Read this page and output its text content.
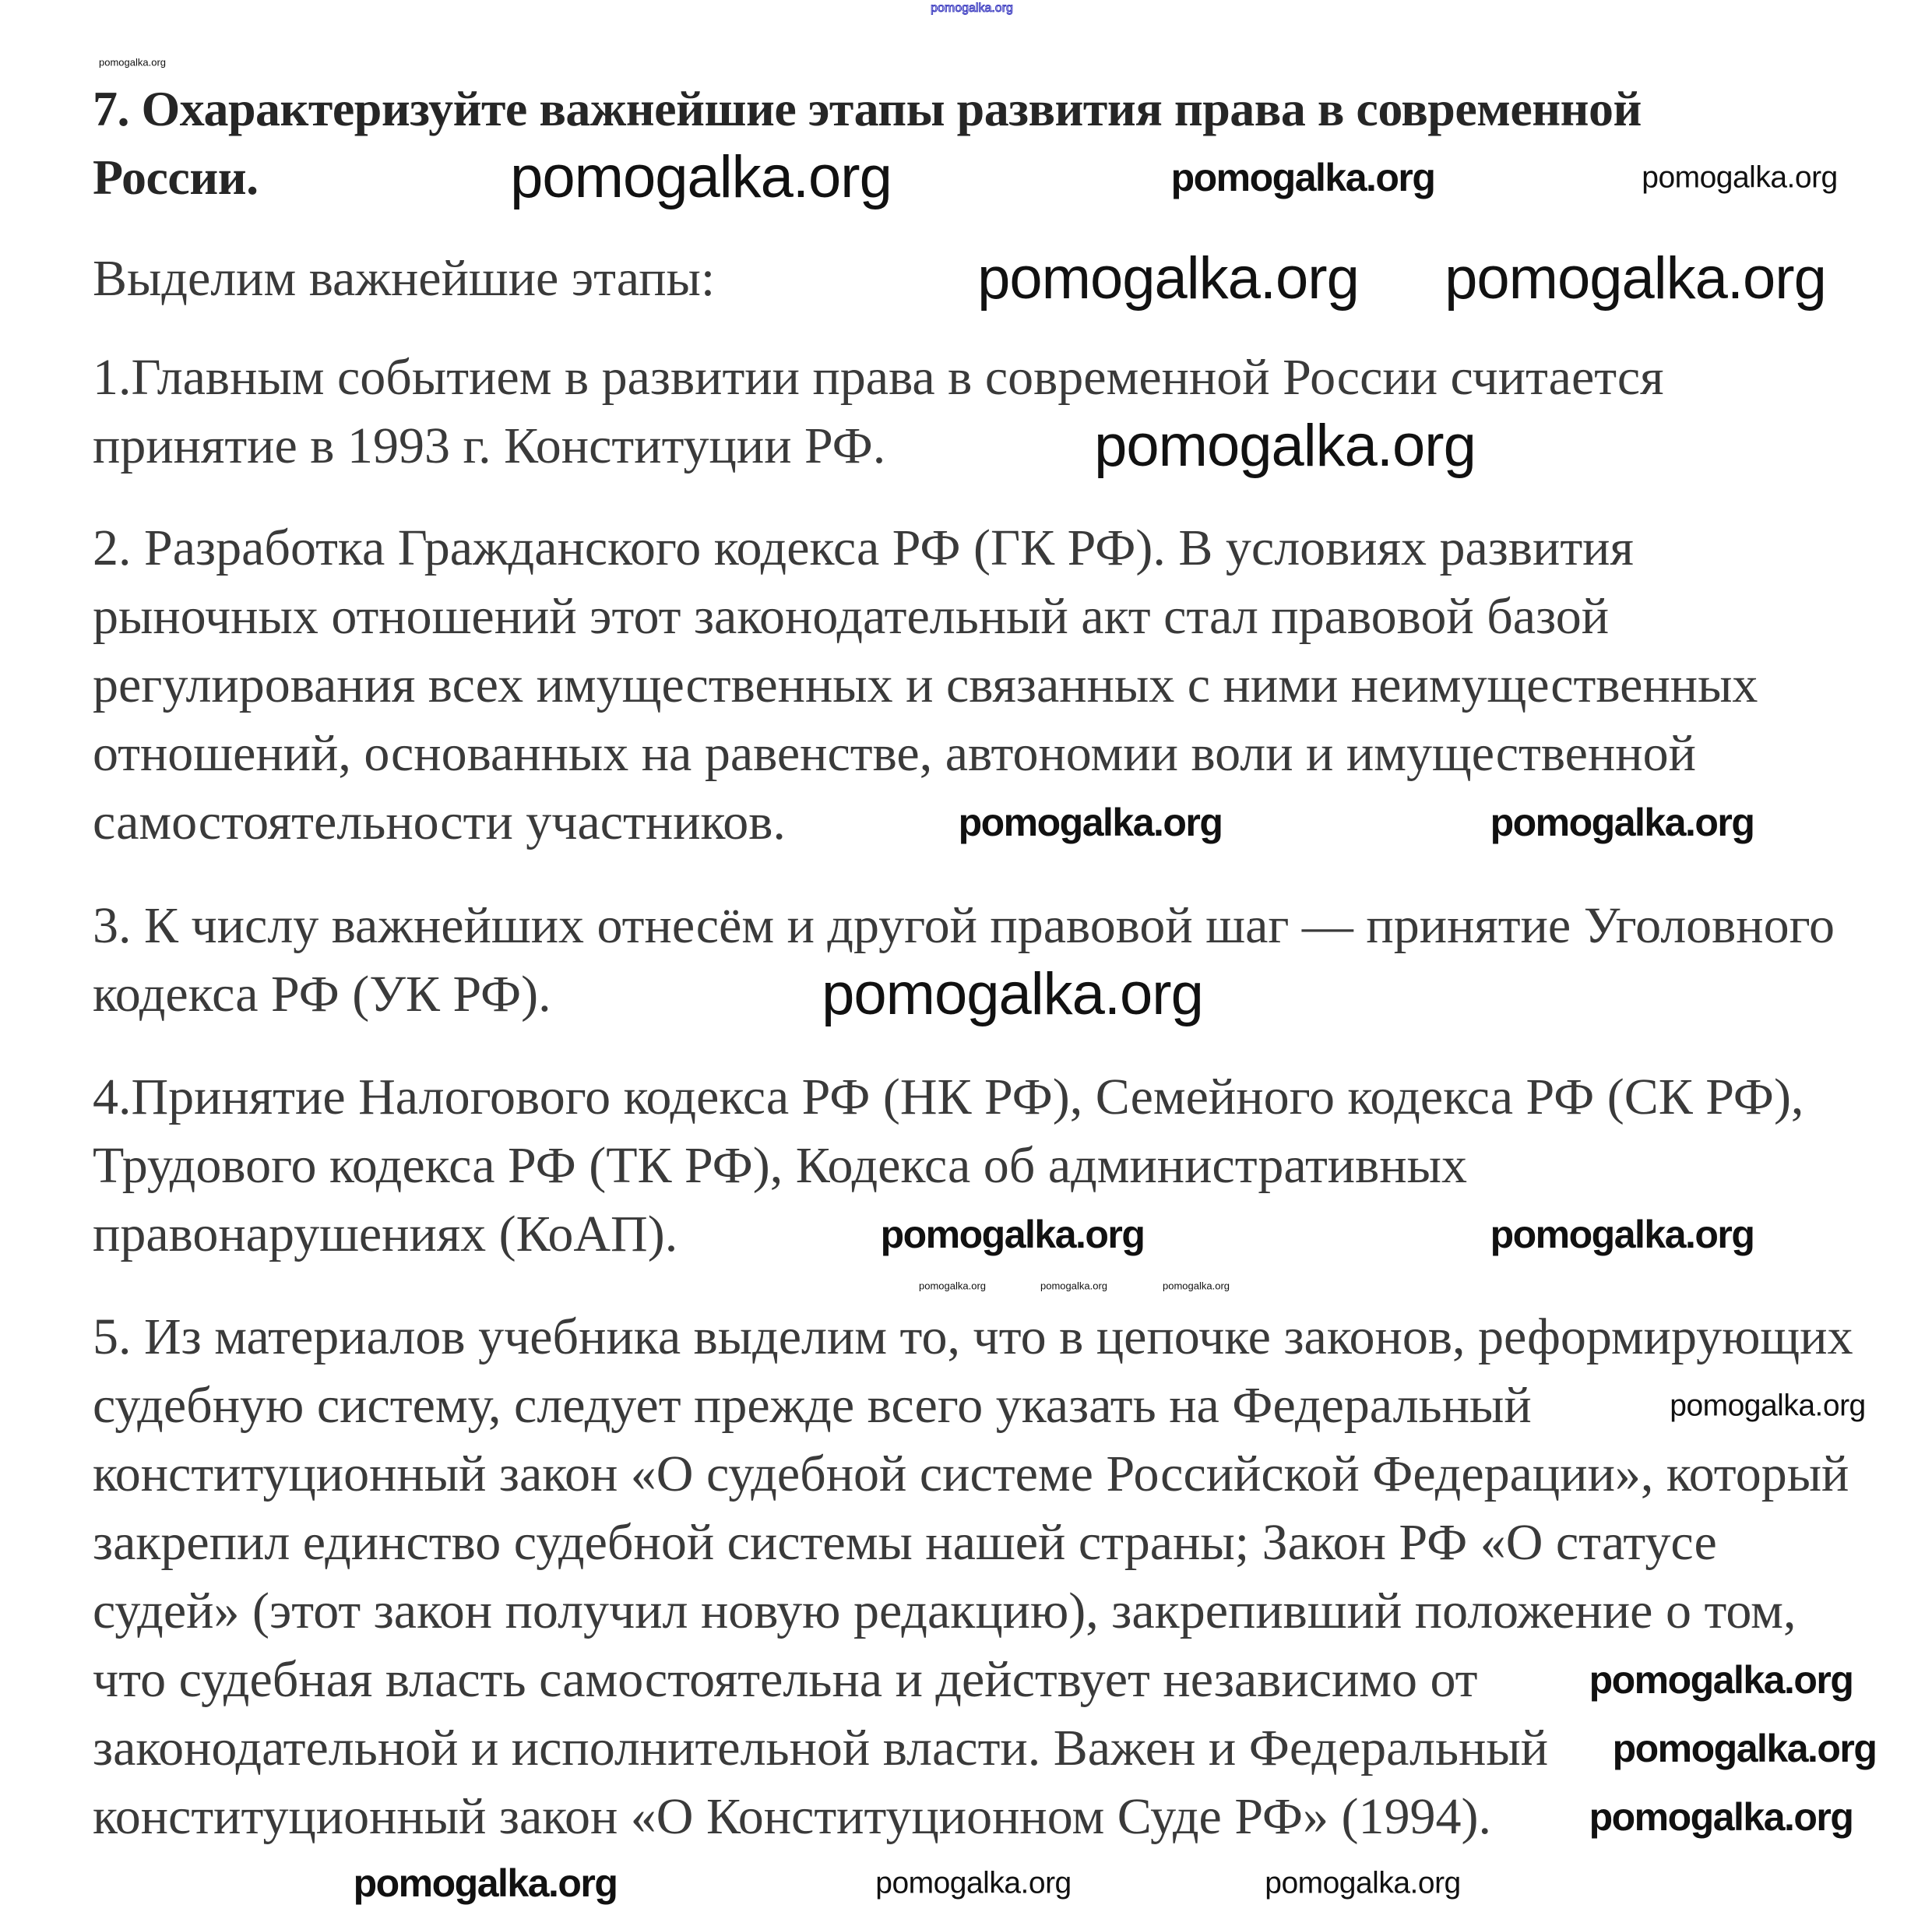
7. Охарактеризуйте важнейшие этапы развития права в современной
России.

Выделим важнейшие этапы:

1.Главным событием в развитии права в современной России считается
принятие в 1993 г. Конституции РФ.

2. Разработка Гражданского кодекса РФ (ГК РФ). В условиях развития
рыночных отношений этот законодательный акт стал правовой базой
регулирования всех имущественных и связанных с ними неимущественных
отношений, основанных на равенстве, автономии воли и имущественной
самостоятельности участников.

3. К числу важнейших отнесём и другой правовой шаг — принятие Уголовного
кодекса РФ (УК РФ).

4.Принятие Налогового кодекса РФ (НК РФ), Семейного кодекса РФ (СК РФ),
Трудового кодекса РФ (ТК РФ), Кодекса об административных
правонарушениях (КоАП).

5. Из материалов учебника выделим то, что в цепочке законов, реформирующих
судебную систему, следует прежде всего указать на Федеральный
конституционный закон «О судебной системе Российской Федерации», который
закрепил единство судебной системы нашей страны; Закон РФ «О статусе
судей» (этот закон получил новую редакцию), закрепивший положение о том,
что судебная власть самостоятельна и действует независимо от
законодательной и исполнительной власти. Важен и Федеральный
конституционный закон «О Конституционном Суде РФ» (1994).

pomogalka.org
pomogalka.org
pomogalka.org	pomogalka.org	pomogalka.org
pomogalka.org pomogalka.org
pomogalka.org
pomogalka.org	pomogalka.org
pomogalka.org
pomogalka.org	pomogalka.org
pomogalka.org	pomogalka.org	pomogalka.org
pomogalka.org
pomogalka.org
pomogalka.org
pomogalka.org
pomogalka.org	pomogalka.org	pomogalka.org
